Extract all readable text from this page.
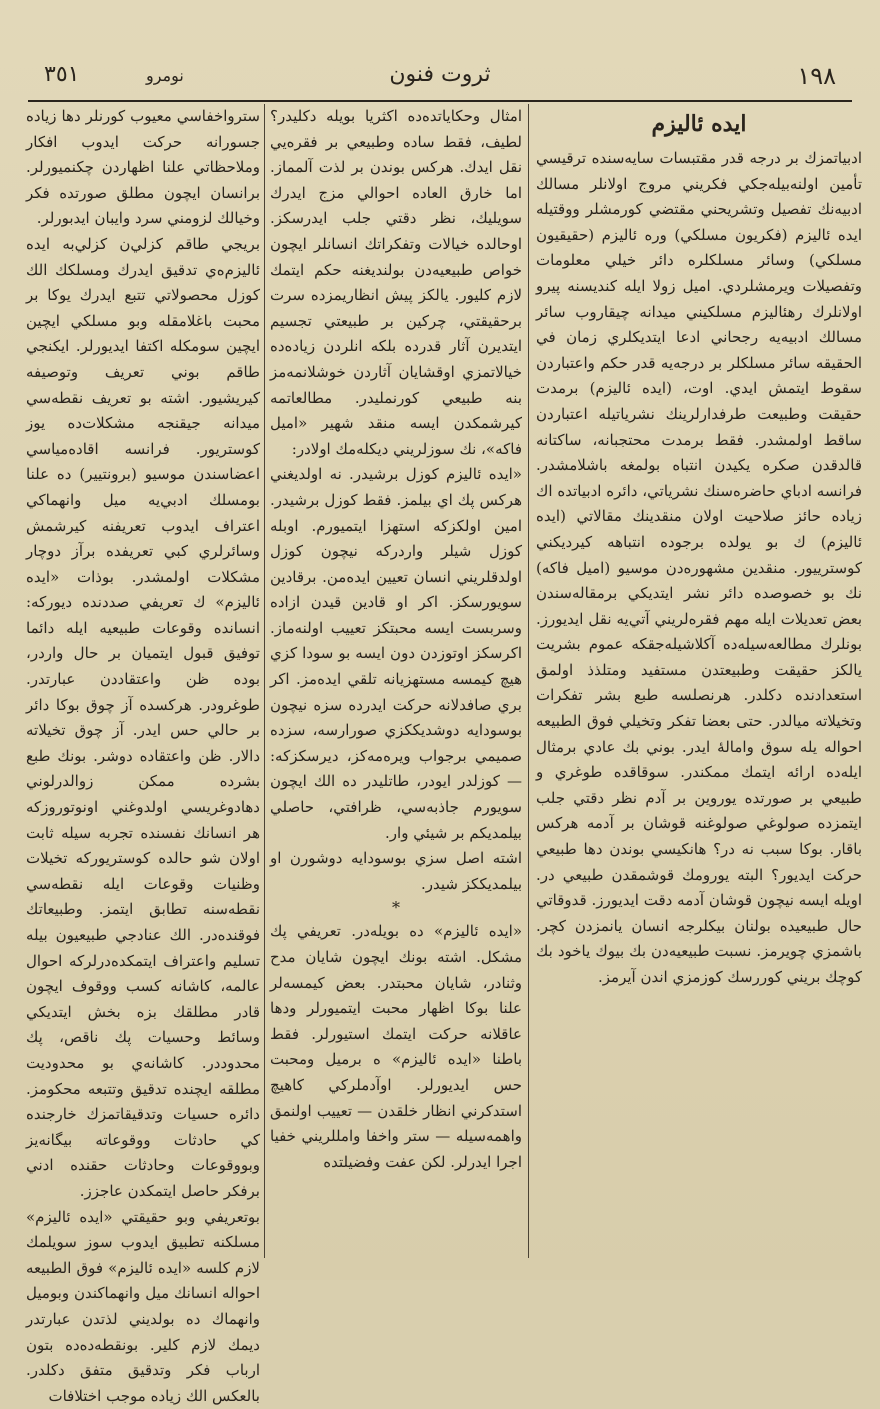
٣٥١	نومرو	ثروت فنون	١٩٨
ايده ئاليزم

ادبياتمزك بر درجه قدر مقتبسات سايه‌سنده ترقيسي تأمين اولنه‌بيله‌جكي فكريني مروج اولانلر مسالك ادبيه‌نك تفصيل وتشريحني مقتضي كورمشلر ووقتيله ايده ئاليزم (فكريون مسلكي) وره ئاليزم (حقيقيون مسلكي) وسائر مسلكلره دائر خيلي معلومات وتفصيلات ويرمشلردي. اميل زولا ايله كنديسنه پيرو اولانلرك رهئاليزم مسلكيني ميدانه چيقاروب سائر مسالك ادبيه‌يه رجحاني ادعا ايتديكلري زمان في الحقيقه سائر مسلكلر بر درجه‌يه قدر حكم واعتباردن سقوط ايتمش ايدي. اوت، (ايده ئاليزم) برمدت حقيقت وطبيعت طرفدارلرينك نشرياتيله اعتباردن ساقط اولمشدر. فقط برمدت محتجبانه، ساكتانه قالدقدن صكره يكيدن انتباه بولمغه باشلامشدر. فرانسه ادباي حاضره‌سنك نشرياتي، دائره ادبياتده اك زياده حائز صلاحيت اولان منقدينك مقالاتي (ايده ئاليزم) ك بو يولده برجوده انتباهه كيرديكني كوسترييور. منقدين مشهوره‌دن موسيو (اميل فاكه) نك بو خصوصده دائر نشر ايتديكي برمقاله‌سندن بعض تعديلات ايله مهم فقره‌لريني آتي‌يه نقل ايديورز. بونلرك مطالعه‌سيله‌ده آكلاشيله‌جقكه عموم بشريت يالكز حقيقت وطبيعتدن مستفيد ومتلذذ اولمق استعدادنده دكلدر. هرنصلسه طبع بشر تفكرات وتخيلاته ميالدر. حتى بعضا تفكر وتخيلي فوق الطبيعه احواله يله سوق وامالهٔ ايدر. بوني بك عادي برمثال ايله‌ده ارائه ايتمك ممكندر. سوقاقده طوغري و طبيعي بر صورتده يوروين بر آدم نظر دقتي جلب ايتمزده صولوغي صولوغنه قوشان بر آدمه هركس باقار. بوكا سبب نه در؟ هانكيسي بوندن دها طبيعي حركت ايديور؟ البته يورومك قوشمقدن طبيعي در. اويله ايسه نيچون قوشان آدمه دقت ايديورز. قدوقاتي حال طبيعيده بولنان بيكلرجه انسان يانمزدن كچر. باشمزي چويرمز. نسبت طبيعيه‌دن بك بيوك ياخود بك كوچك بريني كوررسك كوزمزي اندن آيرمز.

امثال وحكاياتده‌ده اكثريا بويله دكليدر؟ لطيف، فقط ساده وطبيعي بر فقره‌يي نقل ايدك. هركس بوندن بر لذت آلمماز. اما خارق العاده احوالي مزج ايدرك سويليك، نظر دقتي جلب ايدرسكز. اوحالده خيالات وتفكراتك انسانلر ايچون خواص طبيعيه‌دن بولنديغنه حكم ايتمك لازم كليور. يالكز پيش انظاريمزده سرت برحقيقتي، چركين بر طبيعتي تجسيم ايتديرن آثار قدرده بلكه انلردن زياده‌ده خيالاتمزي اوقشايان آثاردن خوشلانمه‌مز بنه طبيعي كورنمليدر. مطالعاتمه كيرشمكدن ايسه منقد شهير «اميل فاكه»، نك سوزلريني ديكله‌مك اولادر:

«ايده ئاليزم كوزل برشيدر. نه اولديغني هركس پك اي بيلمز. فقط كوزل برشيدر. امين اولكزكه استهزا ايتميورم. اوبله كوزل شيلر واردركه نيچون كوزل اولدقلريني انسان تعيين ايده‌من. برقادين سويورسكز. اكر او قادين قيدن ازاده وسربست ايسه محبتكز تعييب اولنه‌ماز. اكرسكز اوتوزدن دون ايسه بو سودا كزي هيچ كيمسه مستهزيانه تلقي ايده‌مز. اكر بري صافدلانه حركت ايدرده سزه نيچون بوسودايه دوشديككزي صورارسه، سزده صميمي برجواب ويره‌مه‌كز، ديرسكزكه: — كوزلدر ايودر، طاتليدر ده الك ايچون سويورم جاذبه‌سي، ظرافتي، حاصلي بيلمديكم بر شيئي وار.

اشته اصل سزي بوسودايه دوشورن او بيلمديككز شيدر.

*

«ايده ئاليزم» ده بويله‌در. تعريفي پك مشكل. اشته بونك ايچون شايان مدح وثنادر، شايان محبتدر. بعض كيمسه‌لر علنا بوكا اظهار محبت ايتميورلر ودها عاقلانه حركت ايتمك استيورلر. فقط باطنا «ايده ئاليزم» ه برميل ومحبت حس ايديورلر. اوآدملركي كاهيچ استدكرني انظار خلقدن — تعييب اولنمق واهمه‌سيله — ستر واخفا وامللريني خفيا اجرا ايدرلر. لكن عفت وفضيلتده

سترواخفاسي معيوب كورنلر دها زياده جسورانه حركت ايدوب افكار وملاحظاتي علنا اظهاردن چكنميورلر. برانسان ايچون مطلق صورتده فكر وخيالك لزومني سرد وايبان ايدبورلر.

بريجي طاقم كزلي‌ن كزلي‌به ايده ئاليزم‌ه‌ي تدقيق ايدرك ومسلكك الك كوزل محصولاتي تتبع ايدرك يوكا بر محبت باغلامقله وبو مسلكي ايچين ايچين سومكله اكتفا ايديورلر. ايكنجي طاقم بوني تعريف وتوصيفه كيريشيور. اشته بو تعريف نقطه‌سي ميدانه جيقنجه مشكلات‌ده يوز كوستريور. فرانسه اقاده‌مياسي اعضاسندن موسيو (برونتيير) ده علنا بومسلك ادبي‌يه ميل وانهماكي اعتراف ايدوب تعريفنه كيرشمش وسائرلري كبي تعريفده برآز دوچار مشكلات اولمشدر. بوذات «ايده ئاليزم» ك تعريفي صددنده ديوركه: انسانده وقوعات طبيعيه ايله دائما توفيق قبول ايتميان بر حال واردر، بوده ظن واعتقاددن عبارتدر. طوغرودر. هركسده آز چوق بوكا دائر بر حالي حس ايدر. آز چوق تخيلاته دالار. ظن واعتقاده دوشر. بونك طبع بشرده ممكن زوالدرلوني دهادوغريسي اولدوغني اونوتوروزكه هر انسانك نفسنده تجربه سيله ثابت اولان شو حالده كوستريوركه تخيلات وظنيات وقوعات ايله نقطه‌سي نقطه‌سنه تطابق ايتمز. وطبيعاتك فوقنده‌در. الك عنادجي طبيعيون بيله تسليم واعتراف ايتمكده‌درلركه احوال عالمه، كاشانه كسب ووقوف ايچون قادر مطلقك بزه بخش ايتديكي وسائط وحسيات پك ناقص، پك محدوددر. كاشانه‌ي بو محدوديت مطلقه ايچنده تدقيق وتتبعه محكومز. دائره حسيات وتدقيقاتمزك خارجنده كي حادثات ووقوعاته بيگانه‌يز وبووقوعات وحادثات حقنده ادني برفكر حاصل ايتمكدن عاجزز.

بوتعريفي وبو حقيقتي «ايده ئاليزم» مسلكنه تطبيق ايدوب سوز سويلمك لازم كلسه «ايده ئاليزم» فوق الطبيعه احواله انسانك ميل وانهماكندن وبوميل وانهماك ده بولديني لذتدن عبارتدر ديمك لازم كلير. بونقطه‌ده‌ده بتون ارباب فكر وتدقيق متفق دكلدر. بالعكس الك زياده موجب اختلافات
